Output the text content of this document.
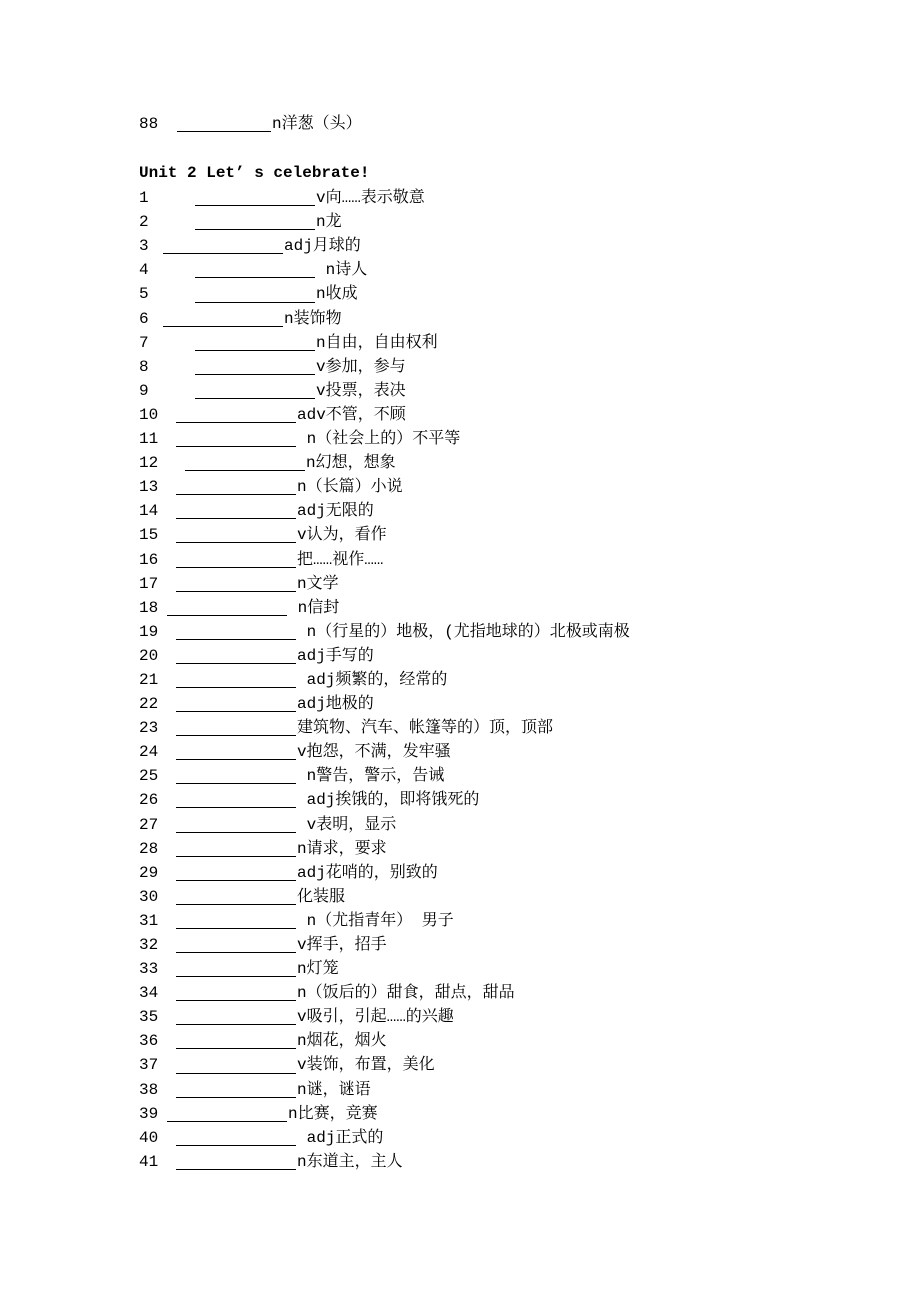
88	n洋葱（头）
Unit 2 Let’ s celebrate!
1	v向……表示敬意
2	n龙
3	adj月球的
4	n诗人
5	n收成
6	n装饰物
7	n自由，自由权利
8	v参加，参与
9	v投票，表决
10	adv不管，不顾
11	n（社会上的）不平等
12	n幻想，想象
13	n（长篇）小说
14	adj无限的
15	v认为，看作
16	把……视作……
17	n文学
18	n信封
19	n（行星的）地极，(尤指地球的）北极或南极
20	adj手写的
21	adj频繁的，经常的
22	adj地极的
23	建筑物、汽车、帐篷等的）顶，顶部
24	v抱怨，不满，发牢骚
25	n警告，警示，告诫
26	adj挨饿的，即将饿死的
27	v表明，显示
28	n请求，要求
29	adj花哨的，别致的
30	化装服
31	n（尤指青年） 男子
32	v挥手，招手
33	n灯笼
34	n（饭后的）甜食，甜点，甜品
35	v吸引，引起……的兴趣
36	n烟花，烟火
37	v装饰，布置，美化
38	n谜，谜语
39	n比赛，竞赛
40	adj正式的
41	n东道主，主人
